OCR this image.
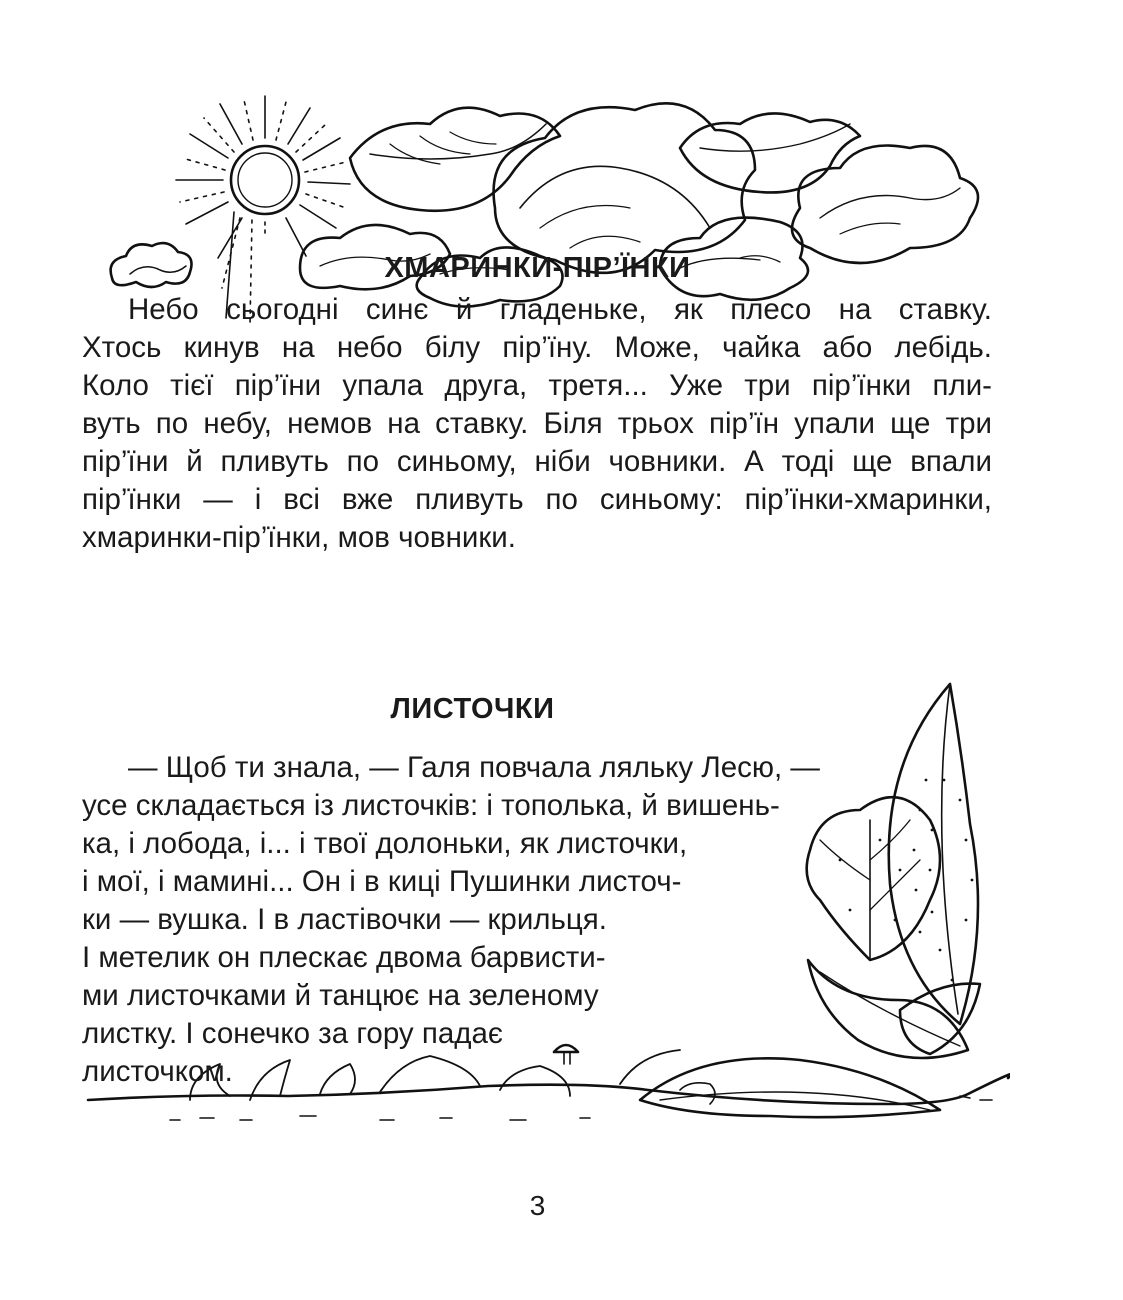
ХМАРИНКИ-ПІР’ЇНКИ

Небо сьогодні синє й гладеньке, як плесо на ставку.
Хтось кинув на небо білу пір’їну. Може, чайка або лебідь.
Коло тієї пір’їни упала друга, третя... Уже три пір’їнки пли-
вуть по небу, немов на ставку. Біля трьох пір’їн упали ще три
пір’їни й пливуть по синьому, ніби човники. А тоді ще впали
пір’їнки — і всі вже пливуть по синьому: пір’їнки-хмаринки,
хмаринки-пір’їнки, мов човники.

ЛИСТОЧКИ

— Щоб ти знала, — Галя повчала ляльку Лесю, —
усе складається із листочків: і тополька, й вишень-
ка, і лобода, і... і твої долоньки, як листочки,
і мої, і мамині... Он і в киці Пушинки листоч-
ки — вушка. І в ластівочки — крильця.
І метелик он плескає двома барвисти-
ми листочками й танцює на зеленому
листку. І сонечко за гору падає
листочком.

3
